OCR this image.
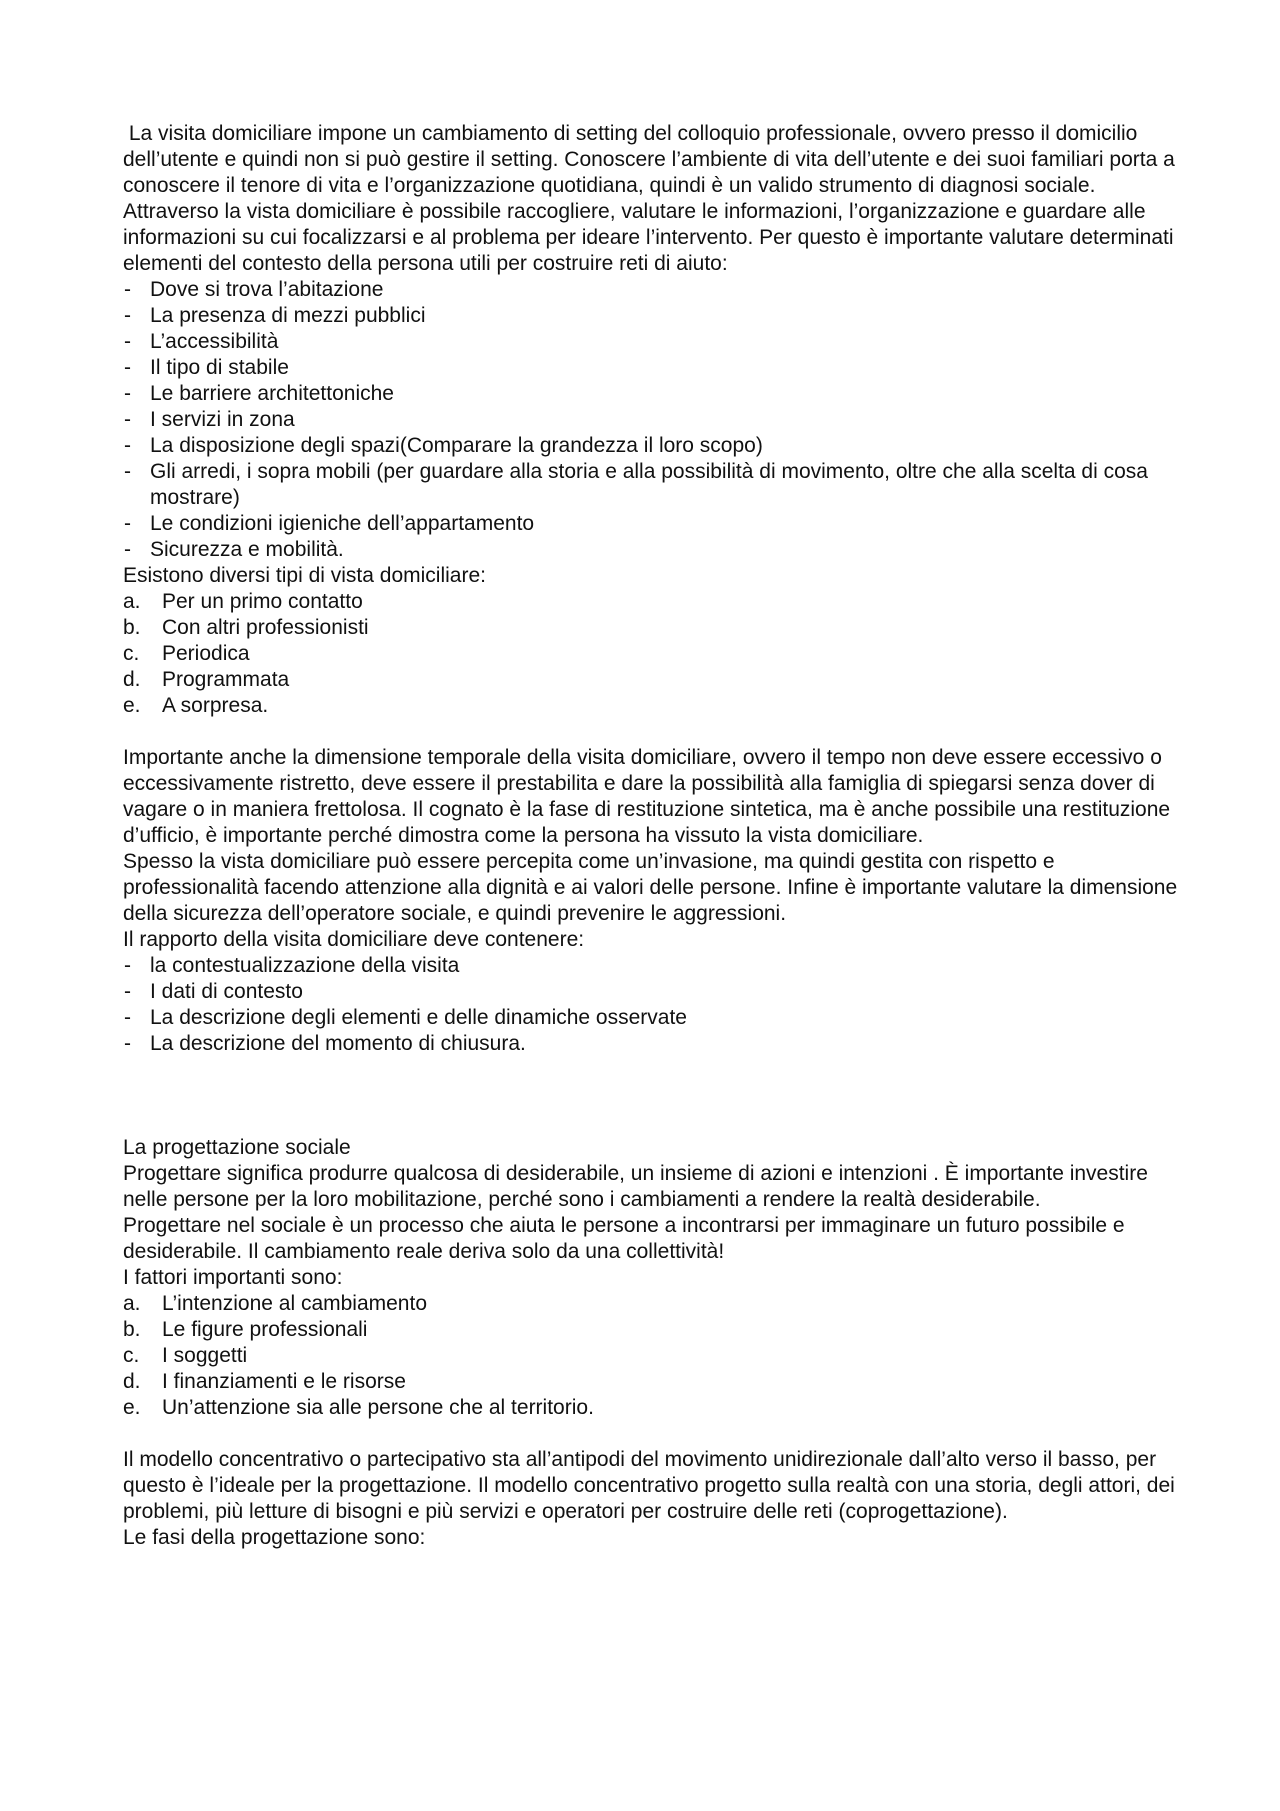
La visita domiciliare impone un cambiamento di setting del colloquio professionale, ovvero presso il domicilio dell’utente e quindi non si può gestire il setting. Conoscere l’ambiente di vita dell’utente e dei suoi familiari porta a conoscere il tenore di vita e l’organizzazione quotidiana, quindi è un valido strumento di diagnosi sociale. Attraverso la vista domiciliare è possibile raccogliere, valutare le informazioni, l’organizzazione e guardare alle informazioni su cui focalizzarsi e al problema per ideare l’intervento. Per questo è importante valutare determinati elementi del contesto della persona utili per costruire reti di aiuto:

- Dove si trova l’abitazione
- La presenza di mezzi pubblici
- L’accessibilità
- Il tipo di stabile
- Le barriere architettoniche
- I servizi in zona
- La disposizione degli spazi(Comparare la grandezza il loro scopo)
- Gli arredi, i sopra mobili (per guardare alla storia e alla possibilità di movimento, oltre che alla scelta di cosa mostrare)
- Le condizioni igieniche dell’appartamento
- Sicurezza e mobilità.

Esistono diversi tipi di vista domiciliare:

a. Per un primo contatto
b. Con altri professionisti
c. Periodica
d. Programmata
e. A sorpresa.

Importante anche la dimensione temporale della visita domiciliare, ovvero il tempo non deve essere eccessivo o eccessivamente ristretto, deve essere il prestabilita e dare la possibilità alla famiglia di spiegarsi senza dover di vagare o in maniera frettolosa. Il cognato è la fase di restituzione sintetica, ma è anche possibile una restituzione d’ufficio, è importante perché dimostra come la persona ha vissuto la vista domiciliare.

Spesso la vista domiciliare può essere percepita come un’invasione, ma quindi gestita con rispetto e professionalità facendo attenzione alla dignità e ai valori delle persone. Infine è importante valutare la dimensione della sicurezza dell’operatore sociale, e quindi prevenire le aggressioni.

Il rapporto della visita domiciliare deve contenere:

- la contestualizzazione della visita
- I dati di contesto
- La descrizione degli elementi e delle dinamiche osservate
- La descrizione del momento di chiusura.

La progettazione sociale

Progettare significa produrre qualcosa di desiderabile, un insieme di azioni e intenzioni . È importante investire nelle persone per la loro mobilitazione, perché sono i cambiamenti a rendere la realtà desiderabile.

Progettare nel sociale è un processo che aiuta le persone a incontrarsi per immaginare un futuro possibile e desiderabile. Il cambiamento reale deriva solo da una collettività!

I fattori importanti sono:

a. L’intenzione al cambiamento
b. Le figure professionali
c. I soggetti
d. I finanziamenti e le risorse
e. Un’attenzione sia alle persone che al territorio.

Il modello concentrativo o partecipativo sta all’antipodi del movimento unidirezionale dall’alto verso il basso, per questo è l’ideale per la progettazione. Il modello concentrativo progetto sulla realtà con una storia, degli attori, dei problemi, più letture di bisogni e più servizi e operatori per costruire delle reti (coprogettazione).

Le fasi della progettazione sono:
